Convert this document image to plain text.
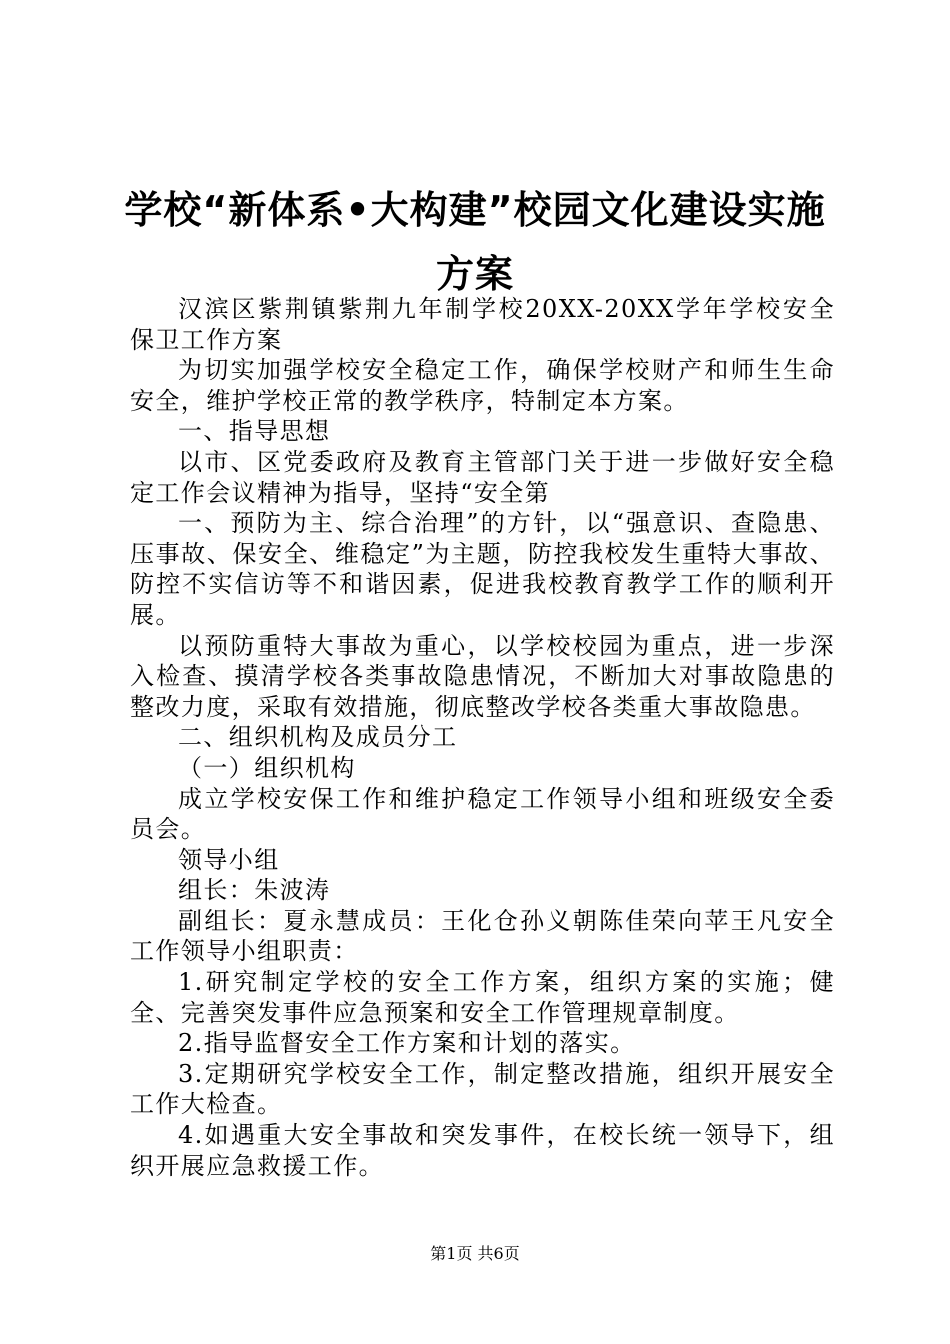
学校“新体系•大构建”校园文化建设实施方案

汉滨区紫荆镇紫荆九年制学校20XX-20XX学年学校安全保卫工作方案

为切实加强学校安全稳定工作，确保学校财产和师生生命安全，维护学校正常的教学秩序，特制定本方案。

一、指导思想

以市、区党委政府及教育主管部门关于进一步做好安全稳定工作会议精神为指导，坚持“安全第

一、预防为主、综合治理”的方针，以“强意识、查隐患、压事故、保安全、维稳定”为主题，防控我校发生重特大事故、防控不实信访等不和谐因素，促进我校教育教学工作的顺利开展。

以预防重特大事故为重心，以学校校园为重点，进一步深入检查、摸清学校各类事故隐患情况，不断加大对事故隐患的整改力度，采取有效措施，彻底整改学校各类重大事故隐患。

二、组织机构及成员分工

（一）组织机构

成立学校安保工作和维护稳定工作领导小组和班级安全委员会。

领导小组

组长：朱波涛

副组长：夏永慧成员：王化仓孙义朝陈佳荣向苹王凡安全工作领导小组职责：

1.研究制定学校的安全工作方案，组织方案的实施；健全、完善突发事件应急预案和安全工作管理规章制度。

2.指导监督安全工作方案和计划的落实。

3.定期研究学校安全工作，制定整改措施，组织开展安全工作大检查。

4.如遇重大安全事故和突发事件，在校长统一领导下，组织开展应急救援工作。

第1页 共6页
